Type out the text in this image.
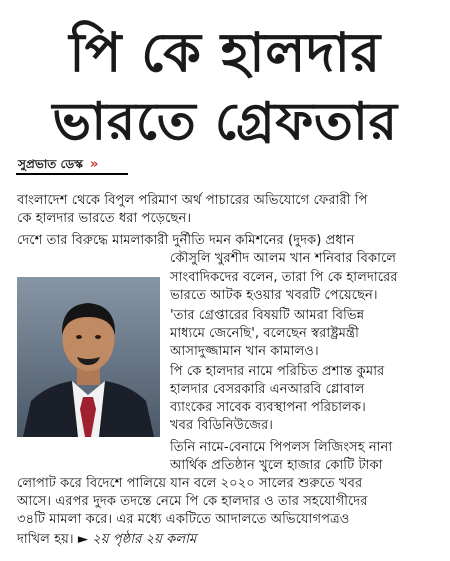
পি কে হালদার
ভারতে গ্রেফতার
সুপ্রভাত ডেস্ক »
বাংলাদেশ থেকে বিপুল পরিমাণ অর্থ পাচারের অভিযোগে ফেরারী পি
কে হালদার ভারতে ধরা পড়েছেন।
দেশে তার বিরুদ্ধে মামলাকারী দুর্নীতি দমন কমিশনের (দুদক) প্রধান
কৌসুলি খুরশীদ আলম খান শনিবার বিকালে
সাংবাদিকদের বলেন, তারা পি কে হালদারের
ভারতে আটক হওয়ার খবরটি পেয়েছেন।
'তার গ্রেপ্তারের বিষয়টি আমরা বিভিন্ন
মাধ্যমে জেনেছি', বলেছেন স্বরাষ্ট্রমন্ত্রী
আসাদুজ্জামান খান কামালও।
পি কে হালদার নামে পরিচিত প্রশান্ত কুমার
হালদার বেসরকারি এনআরবি গ্লোবাল
ব্যাংকের সাবেক ব্যবস্থাপনা পরিচালক।
খবর বিডিনিউজের।
তিনি নামে-বেনামে পিপলস লিজিংসহ নানা
আর্থিক প্রতিষ্ঠান খুলে হাজার কোটি টাকা
লোপাট করে বিদেশে পালিয়ে যান বলে ২০২০ সালের শুরুতে খবর
আসে। এরপর দুদক তদন্তে নেমে পি কে হালদার ও তার সহযোগীদের
৩৪টি মামলা করে। এর মধ্যে একটিতে আদালতে অভিযোগপত্রও
দাখিল হয়। ► ২য় পৃষ্ঠার ২য় কলাম
